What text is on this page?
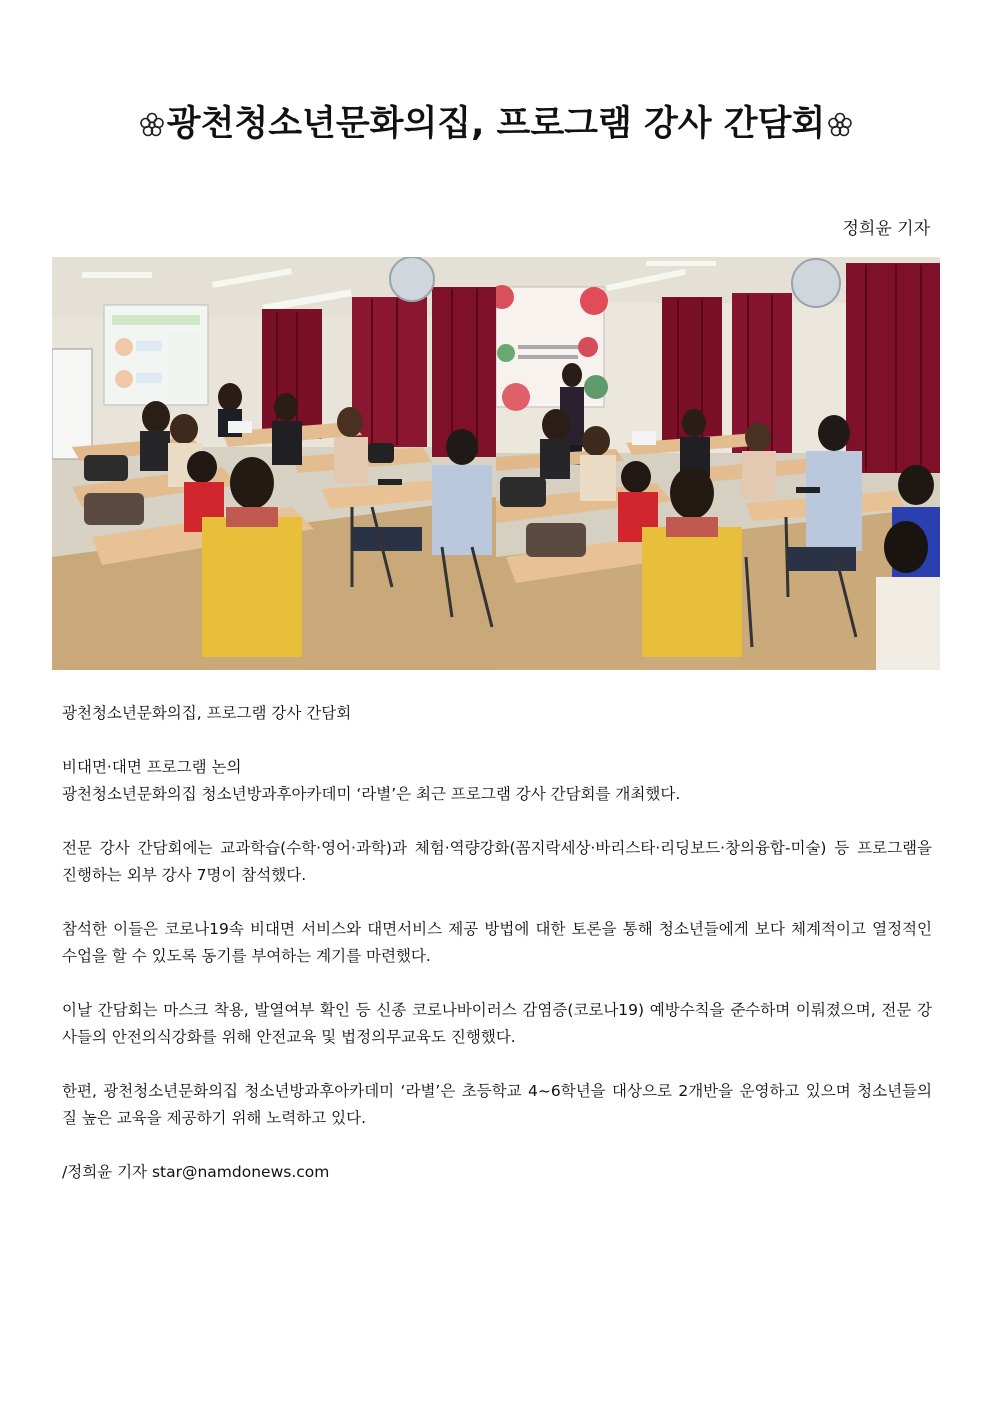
광천청소년문화의집, 프로그램 강사 간담회
정희윤 기자

광천청소년문화의집, 프로그램 강사 간담회

비대면·대면 프로그램 논의

광천청소년문화의집 청소년방과후아카데미 ‘라별’은 최근 프로그램 강사 간담회를 개최했다.

전문 강사 간담회에는 교과학습(수학·영어·과학)과 체험·역량강화(꼼지락세상·바리스타·리딩보드·창의융합-미술) 등 프로그램을 진행하는 외부 강사 7명이 참석했다.

참석한 이들은 코로나19속 비대면 서비스와 대면서비스 제공 방법에 대한 토론을 통해 청소년들에게 보다 체계적이고 열정적인 수업을 할 수 있도록 동기를 부여하는 계기를 마련했다.

이날 간담회는 마스크 착용, 발열여부 확인 등 신종 코로나바이러스 감염증(코로나19) 예방수칙을 준수하며 이뤄졌으며, 전문 강사들의 안전의식강화를 위해 안전교육 및 법정의무교육도 진행했다.

한편, 광천청소년문화의집 청소년방과후아카데미 ‘라별’은 초등학교 4~6학년을 대상으로 2개반을 운영하고 있으며 청소년들의 질 높은 교육을 제공하기 위해 노력하고 있다.

/정희윤 기자 star@namdonews.com
